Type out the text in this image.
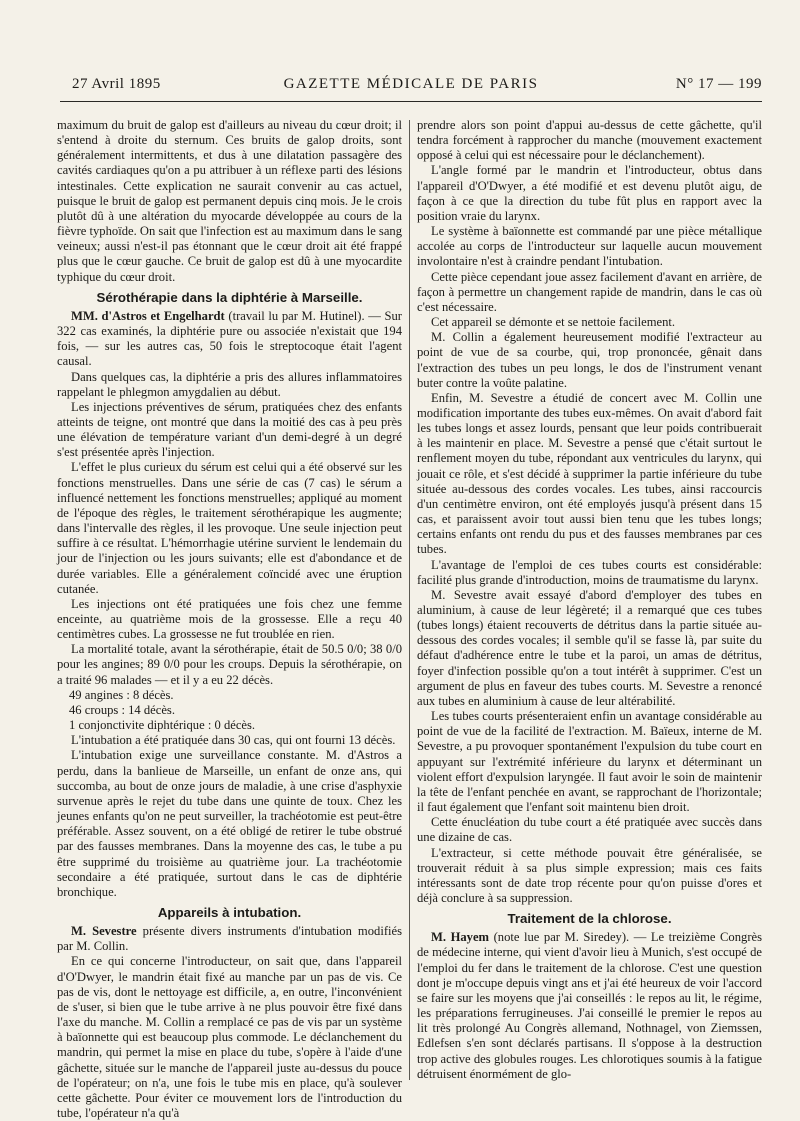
27 Avril 1895	GAZETTE MÉDICALE DE PARIS	N° 17 — 199

maximum du bruit de galop est d'ailleurs au niveau du cœur droit; il s'entend à droite du sternum. Ces bruits de galop droits, sont généralement intermittents, et dus à une dilatation passagère des cavités cardiaques qu'on a pu attribuer à un réflexe parti des lésions intestinales. Cette explication ne saurait convenir au cas actuel, puisque le bruit de galop est permanent depuis cinq mois. Je le crois plutôt dû à une altération du myocarde développée au cours de la fièvre typhoïde. On sait que l'infection est au maximum dans le sang veineux; aussi n'est-il pas étonnant que le cœur droit ait été frappé plus que le cœur gauche. Ce bruit de galop est dû à une myocardite typhique du cœur droit.

Sérothérapie dans la diphtérie à Marseille.

MM. d'Astros et Engelhardt (travail lu par M. Hutinel). — Sur 322 cas examinés, la diphtérie pure ou associée n'existait que 194 fois, — sur les autres cas, 50 fois le streptocoque était l'agent causal.

Dans quelques cas, la diphtérie a pris des allures inflammatoires rappelant le phlegmon amygdalien au début.

Les injections préventives de sérum, pratiquées chez des enfants atteints de teigne, ont montré que dans la moitié des cas à peu près une élévation de température variant d'un demi-degré à un degré s'est présentée après l'injection.

L'effet le plus curieux du sérum est celui qui a été observé sur les fonctions menstruelles. Dans une série de cas (7 cas) le sérum a influencé nettement les fonctions menstruelles; appliqué au moment de l'époque des règles, le traitement sérothérapique les augmente; dans l'intervalle des règles, il les provoque. Une seule injection peut suffire à ce résultat. L'hémorrhagie utérine survient le lendemain du jour de l'injection ou les jours suivants; elle est d'abondance et de durée variables. Elle a généralement coïncidé avec une éruption cutanée.

Les injections ont été pratiquées une fois chez une femme enceinte, au quatrième mois de la grossesse. Elle a reçu 40 centimètres cubes. La grossesse ne fut troublée en rien.

La mortalité totale, avant la sérothérapie, était de 50.5 0/0; 38 0/0 pour les angines; 89 0/0 pour les croups. Depuis la sérothérapie, on a traité 96 malades — et il y a eu 22 décès.

49 angines : 8 décès.

46 croups : 14 décès.

1 conjonctivite diphtérique : 0 décès.

L'intubation a été pratiquée dans 30 cas, qui ont fourni 13 décès.

L'intubation exige une surveillance constante. M. d'Astros a perdu, dans la banlieue de Marseille, un enfant de onze ans, qui succomba, au bout de onze jours de maladie, à une crise d'asphyxie survenue après le rejet du tube dans une quinte de toux. Chez les jeunes enfants qu'on ne peut surveiller, la trachéotomie est peut-être préférable. Assez souvent, on a été obligé de retirer le tube obstrué par des fausses membranes. Dans la moyenne des cas, le tube a pu être supprimé du troisième au quatrième jour. La trachéotomie secondaire a été pratiquée, surtout dans le cas de diphtérie bronchique.

Appareils à intubation.

M. Sevestre présente divers instruments d'intubation modifiés par M. Collin.

En ce qui concerne l'introducteur, on sait que, dans l'appareil d'O'Dwyer, le mandrin était fixé au manche par un pas de vis. Ce pas de vis, dont le nettoyage est difficile, a, en outre, l'inconvénient de s'user, si bien que le tube arrive à ne plus pouvoir être fixé dans l'axe du manche. M. Collin a remplacé ce pas de vis par un système à baïonnette qui est beaucoup plus commode. Le déclanchement du mandrin, qui permet la mise en place du tube, s'opère à l'aide d'une gâchette, située sur le manche de l'appareil juste au-dessus du pouce de l'opérateur; on n'a, une fois le tube mis en place, qu'à soulever cette gâchette. Pour éviter ce mouvement lors de l'introduction du tube, l'opérateur n'a qu'à

prendre alors son point d'appui au-dessus de cette gâchette, qu'il tendra forcément à rapprocher du manche (mouvement exactement opposé à celui qui est nécessaire pour le déclanchement).

L'angle formé par le mandrin et l'introducteur, obtus dans l'appareil d'O'Dwyer, a été modifié et est devenu plutôt aigu, de façon à ce que la direction du tube fût plus en rapport avec la position vraie du larynx.

Le système à baïonnette est commandé par une pièce métallique accolée au corps de l'introducteur sur laquelle aucun mouvement involontaire n'est à craindre pendant l'intubation.

Cette pièce cependant joue assez facilement d'avant en arrière, de façon à permettre un changement rapide de mandrin, dans le cas où c'est nécessaire.

Cet appareil se démonte et se nettoie facilement.

M. Collin a également heureusement modifié l'extracteur au point de vue de sa courbe, qui, trop prononcée, gênait dans l'extraction des tubes un peu longs, le dos de l'instrument venant buter contre la voûte palatine.

Enfin, M. Sevestre a étudié de concert avec M. Collin une modification importante des tubes eux-mêmes. On avait d'abord fait les tubes longs et assez lourds, pensant que leur poids contribuerait à les maintenir en place. M. Sevestre a pensé que c'était surtout le renflement moyen du tube, répondant aux ventricules du larynx, qui jouait ce rôle, et s'est décidé à supprimer la partie inférieure du tube située au-dessous des cordes vocales. Les tubes, ainsi raccourcis d'un centimètre environ, ont été employés jusqu'à présent dans 15 cas, et paraissent avoir tout aussi bien tenu que les tubes longs; certains enfants ont rendu du pus et des fausses membranes par ces tubes.

L'avantage de l'emploi de ces tubes courts est considérable: facilité plus grande d'introduction, moins de traumatisme du larynx.

M. Sevestre avait essayé d'abord d'employer des tubes en aluminium, à cause de leur légèreté; il a remarqué que ces tubes (tubes longs) étaient recouverts de détritus dans la partie située au-dessous des cordes vocales; il semble qu'il se fasse là, par suite du défaut d'adhérence entre le tube et la paroi, un amas de détritus, foyer d'infection possible qu'on a tout intérêt à supprimer. C'est un argument de plus en faveur des tubes courts. M. Sevestre a renoncé aux tubes en aluminium à cause de leur altérabilité.

Les tubes courts présenteraient enfin un avantage considérable au point de vue de la facilité de l'extraction. M. Baïeux, interne de M. Sevestre, a pu provoquer spontanément l'expulsion du tube court en appuyant sur l'extrémité inférieure du larynx et déterminant un violent effort d'expulsion laryngée. Il faut avoir le soin de maintenir la tête de l'enfant penchée en avant, se rapprochant de l'horizontale; il faut également que l'enfant soit maintenu bien droit.

Cette énucléation du tube court a été pratiquée avec succès dans une dizaine de cas.

L'extracteur, si cette méthode pouvait être généralisée, se trouverait réduit à sa plus simple expression; mais ces faits intéressants sont de date trop récente pour qu'on puisse d'ores et déjà conclure à sa suppression.

Traitement de la chlorose.

M. Hayem (note lue par M. Siredey). — Le treizième Congrès de médecine interne, qui vient d'avoir lieu à Munich, s'est occupé de l'emploi du fer dans le traitement de la chlorose. C'est une question dont je m'occupe depuis vingt ans et j'ai été heureux de voir l'accord se faire sur les moyens que j'ai conseillés : le repos au lit, le régime, les préparations ferrugineuses. J'ai conseillé le premier le repos au lit très prolongé Au Congrès allemand, Nothnagel, von Ziemssen, Edlefsen s'en sont déclarés partisans. Il s'oppose à la destruction trop active des globules rouges. Les chlorotiques soumis à la fatigue détruisent énormément de glo-
